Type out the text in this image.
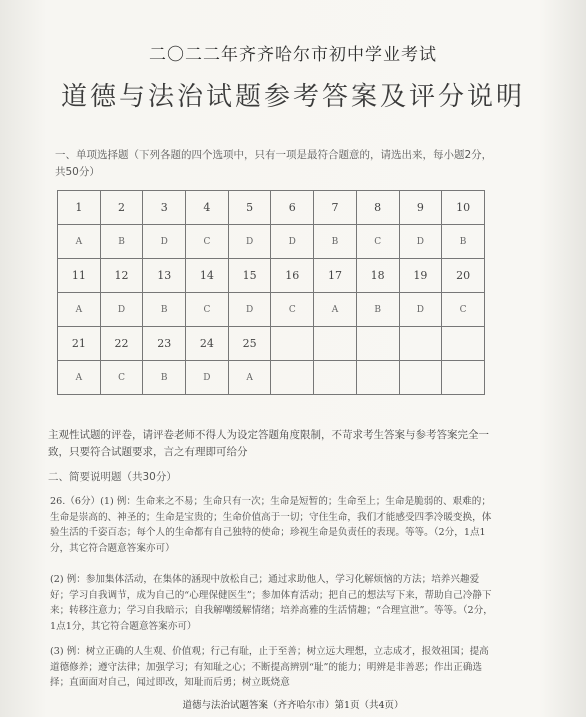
二〇二二年齐齐哈尔市初中学业考试
道德与法治试题参考答案及评分说明
一、单项选择题（下列各题的四个选项中，只有一项是最符合题意的，请选出来，每小题2分，共50分）
1	2	3	4	5	6	7	8	9	10
A	B	D	C	D	D	B	C	D	B
11	12	13	14	15	16	17	18	19	20
A	D	B	C	D	C	A	B	D	C
21	22	23	24	25					
A	C	B	D	A					
主观性试题的评卷，请评卷老师不得人为设定答题角度限制，不苛求考生答案与参考答案完全一致，只要符合试题要求，言之有理即可给分
二、简要说明题（共30分）
26.（6分）(1) 例：生命来之不易；生命只有一次；生命是短暂的；生命至上；生命是脆弱的、艰难的；生命是崇高的、神圣的；生命是宝贵的；生命价值高于一切；守住生命，我们才能感受四季冷暖变换，体验生活的千姿百态；每个人的生命都有自己独特的使命；珍视生命是负责任的表现。等等。（2分，1点1分，其它符合题意答案亦可）
(2) 例：参加集体活动，在集体的涵现中放松自己；通过求助他人，学习化解烦恼的方法；培养兴趣爱好；学习自我调节，成为自己的“心理保健医生”；参加体育活动；把自己的想法写下来，帮助自己冷静下来；转移注意力；学习自我暗示；自我解嘲缓解情绪；培养高雅的生活情趣；“合理宣泄”。等等。（2分，1点1分，其它符合题意答案亦可）
(3) 例：树立正确的人生观、价值观；行己有耻，止于至善；树立远大理想，立志成才，报效祖国；提高道德修养；遵守法律；加强学习；有知耻之心；不断提高辨别“耻”的能力；明辨是非善恶；作出正确选择；直面面对自己，闻过即改，知耻而后勇；树立既烧意
道德与法治试题答案（齐齐哈尔市）第1页（共4页）
